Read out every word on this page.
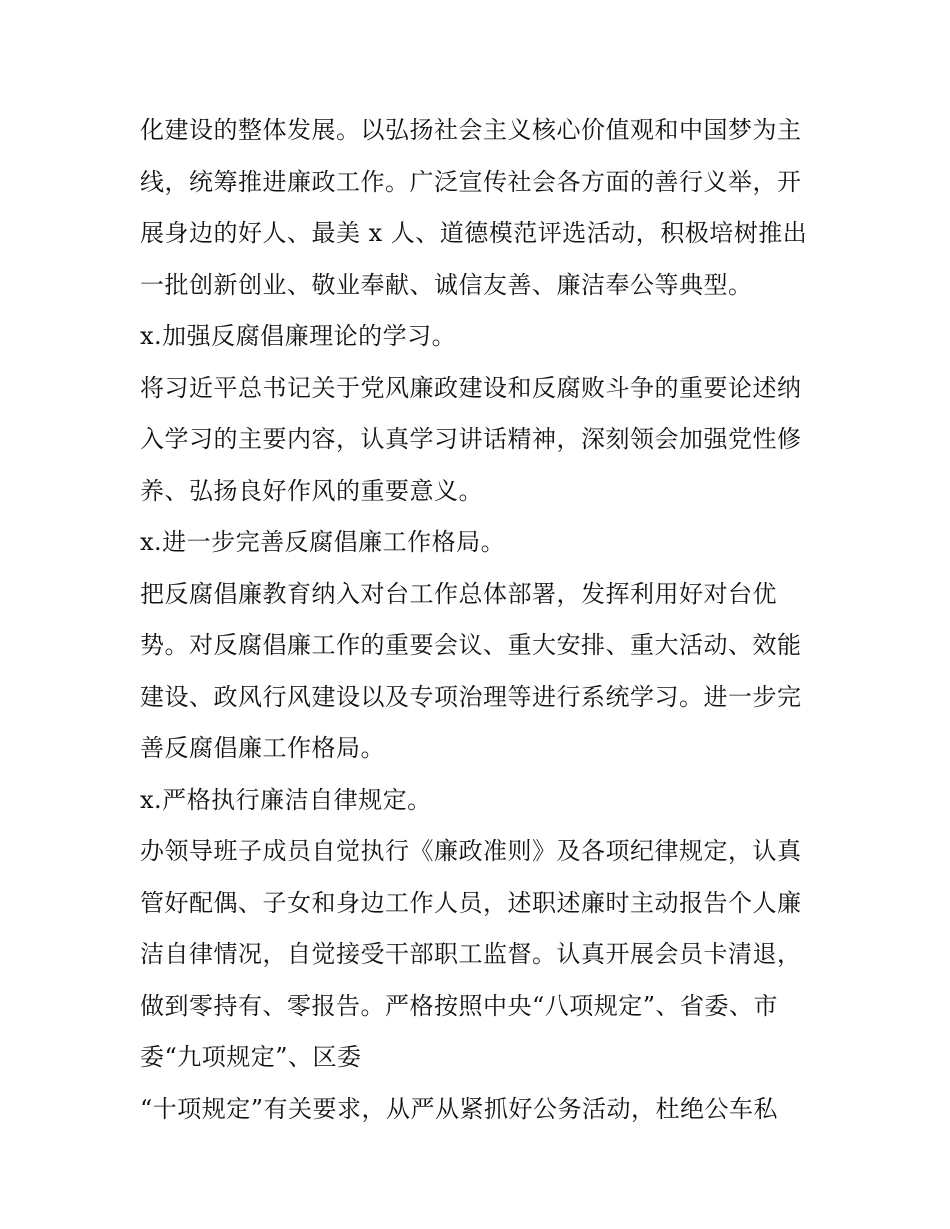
化建设的整体发展。以弘扬社会主义核心价值观和中国梦为主
线，统筹推进廉政工作。广泛宣传社会各方面的善行义举，开
展身边的好人、最美 x 人、道德模范评选活动，积极培树推出
一批创新创业、敬业奉献、诚信友善、廉洁奉公等典型。
x.加强反腐倡廉理论的学习。
将习近平总书记关于党风廉政建设和反腐败斗争的重要论述纳
入学习的主要内容，认真学习讲话精神，深刻领会加强党性修
养、弘扬良好作风的重要意义。
x.进一步完善反腐倡廉工作格局。
把反腐倡廉教育纳入对台工作总体部署，发挥利用好对台优
势。对反腐倡廉工作的重要会议、重大安排、重大活动、效能
建设、政风行风建设以及专项治理等进行系统学习。进一步完
善反腐倡廉工作格局。
x.严格执行廉洁自律规定。
办领导班子成员自觉执行《廉政准则》及各项纪律规定，认真
管好配偶、子女和身边工作人员，述职述廉时主动报告个人廉
洁自律情况，自觉接受干部职工监督。认真开展会员卡清退，
做到零持有、零报告。严格按照中央“八项规定”、省委、市
委“九项规定”、区委
“十项规定”有关要求，从严从紧抓好公务活动，杜绝公车私
